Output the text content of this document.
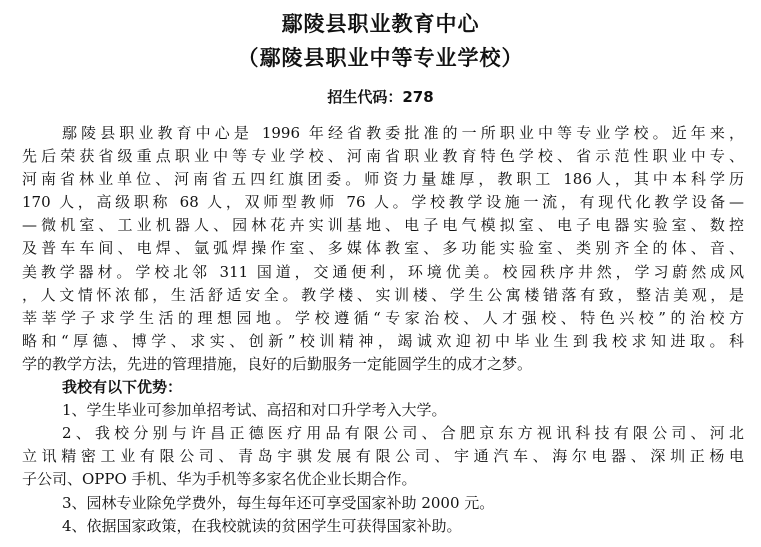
鄢陵县职业教育中心
（鄢陵县职业中等专业学校）
招生代码：278
鄢陵县职业教育中心是 1996 年经省教委批准的一所职业中等专业学校。近年来，
先后荣获省级重点职业中等专业学校、河南省职业教育特色学校、省示范性职业中专、
河南省林业单位、河南省五四红旗团委。师资力量雄厚，教职工 186人，其中本科学历
170 人，高级职称 68 人，双师型教师 76 人。学校教学设施一流，有现代化教学设备—
—微机室、工业机器人、园林花卉实训基地、电子电气模拟室、电子电器实验室、数控
及普车车间、电焊、氩弧焊操作室、多媒体教室、多功能实验室、类别齐全的体、音、
美教学器材。学校北邻 311 国道，交通便利，环境优美。校园秩序井然，学习蔚然成风
，人文情怀浓郁，生活舒适安全。教学楼、实训楼、学生公寓楼错落有致，整洁美观，是
莘莘学子求学生活的理想园地。学校遵循“专家治校、人才强校、特色兴校”的治校方
略和“厚德、博学、求实、创新”校训精神，竭诚欢迎初中毕业生到我校求知进取。科
学的教学方法，先进的管理措施，良好的后勤服务一定能圆学生的成才之梦。
我校有以下优势：
1、学生毕业可参加单招考试、高招和对口升学考入大学。
2、我校分别与许昌正德医疗用品有限公司、合肥京东方视讯科技有限公司、河北
立讯精密工业有限公司、青岛宇骐发展有限公司、宇通汽车、海尔电器、深圳正杨电
子公司、OPPO 手机、华为手机等多家名优企业长期合作。
3、园林专业除免学费外，每生每年还可享受国家补助 2000 元。
4、依据国家政策，在我校就读的贫困学生可获得国家补助。
